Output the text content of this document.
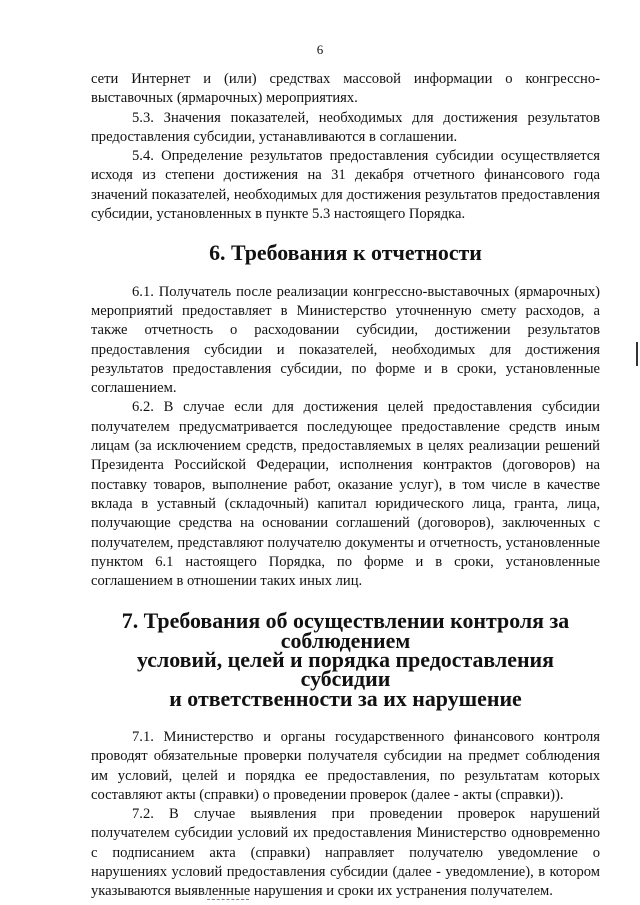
6

сети Интернет и (или) средствах массовой информации о конгрессно-выставочных (ярмарочных) мероприятиях.

5.3. Значения показателей, необходимых для достижения результатов предоставления субсидии, устанавливаются в соглашении.

5.4. Определение результатов предоставления субсидии осуществляется исходя из степени достижения на 31 декабря отчетного финансового года значений показателей, необходимых для достижения результатов предоставления субсидии, установленных в пункте 5.3 настоящего Порядка.

6. Требования к отчетности

6.1. Получатель после реализации конгрессно-выставочных (ярмарочных) мероприятий предоставляет в Министерство уточненную смету расходов, а также отчетность о расходовании субсидии, достижении результатов предоставления субсидии и показателей, необходимых для достижения результатов предоставления субсидии, по форме и в сроки, установленные соглашением.

6.2. В случае если для достижения целей предоставления субсидии получателем предусматривается последующее предоставление средств иным лицам (за исключением средств, предоставляемых в целях реализации решений Президента Российской Федерации, исполнения контрактов (договоров) на поставку товаров, выполнение работ, оказание услуг), в том числе в качестве вклада в уставный (складочный) капитал юридического лица, гранта, лица, получающие средства на основании соглашений (договоров), заключенных с получателем, представляют получателю документы и отчетность, установленные пунктом 6.1 настоящего Порядка, по форме и в сроки, установленные соглашением в отношении таких иных лиц.

7. Требования об осуществлении контроля за соблюдением
условий, целей и порядка предоставления субсидии
и ответственности за их нарушение

7.1. Министерство и органы государственного финансового контроля проводят обязательные проверки получателя субсидии на предмет соблюдения им условий, целей и порядка ее предоставления, по результатам которых составляют акты (справки) о проведении проверок (далее - акты (справки)).

7.2. В случае выявления при проведении проверок нарушений получателем субсидии условий их предоставления Министерство одновременно с подписанием акта (справки) направляет получателю уведомление о нарушениях условий предоставления субсидии (далее - уведомление), в котором указываются выявленные нарушения и сроки их устранения получателем.
